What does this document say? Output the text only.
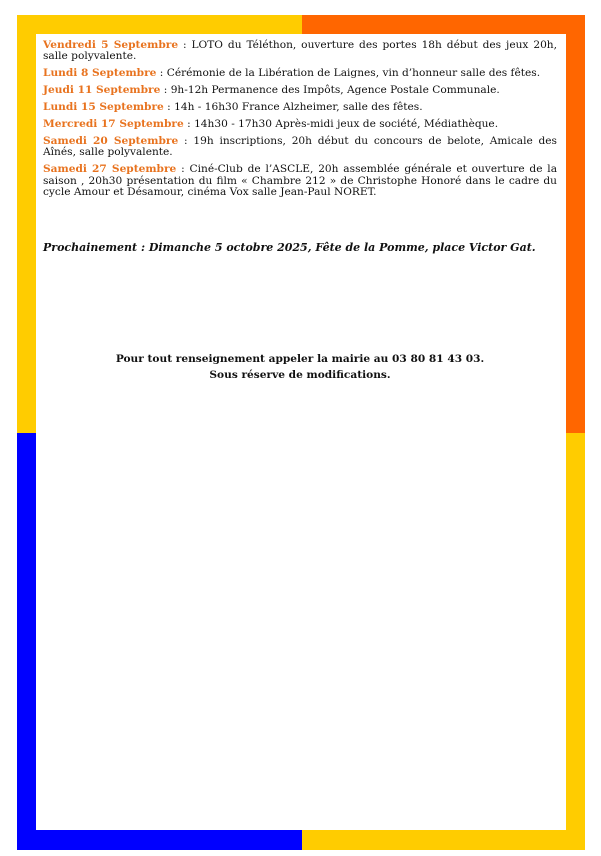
Vendredi 5 Septembre : LOTO du Téléthon, ouverture des portes 18h début des jeux 20h, salle polyvalente.

Lundi 8 Septembre : Cérémonie de la Libération de Laignes, vin d’honneur salle des fêtes.

Jeudi 11 Septembre : 9h-12h Permanence des Impôts, Agence Postale Communale.

Lundi 15 Septembre : 14h - 16h30 France Alzheimer, salle des fêtes.

Mercredi 17 Septembre : 14h30 - 17h30 Après-midi jeux de société, Médiathèque.

Samedi 20 Septembre : 19h inscriptions, 20h début du concours de belote, Amicale des Aînés, salle polyvalente.

Samedi 27 Septembre : Ciné-Club de l’ASCLE, 20h assemblée générale et ouverture de la saison , 20h30 présentation du film « Chambre 212 » de Christophe Honoré dans le cadre du cycle Amour et Désamour, cinéma Vox salle Jean-Paul NORET.

Prochainement : Dimanche 5 octobre 2025, Fête de la Pomme, place Victor Gat.
Pour tout renseignement appeler la mairie au 03 80 81 43 03.
Sous réserve de modifications.
